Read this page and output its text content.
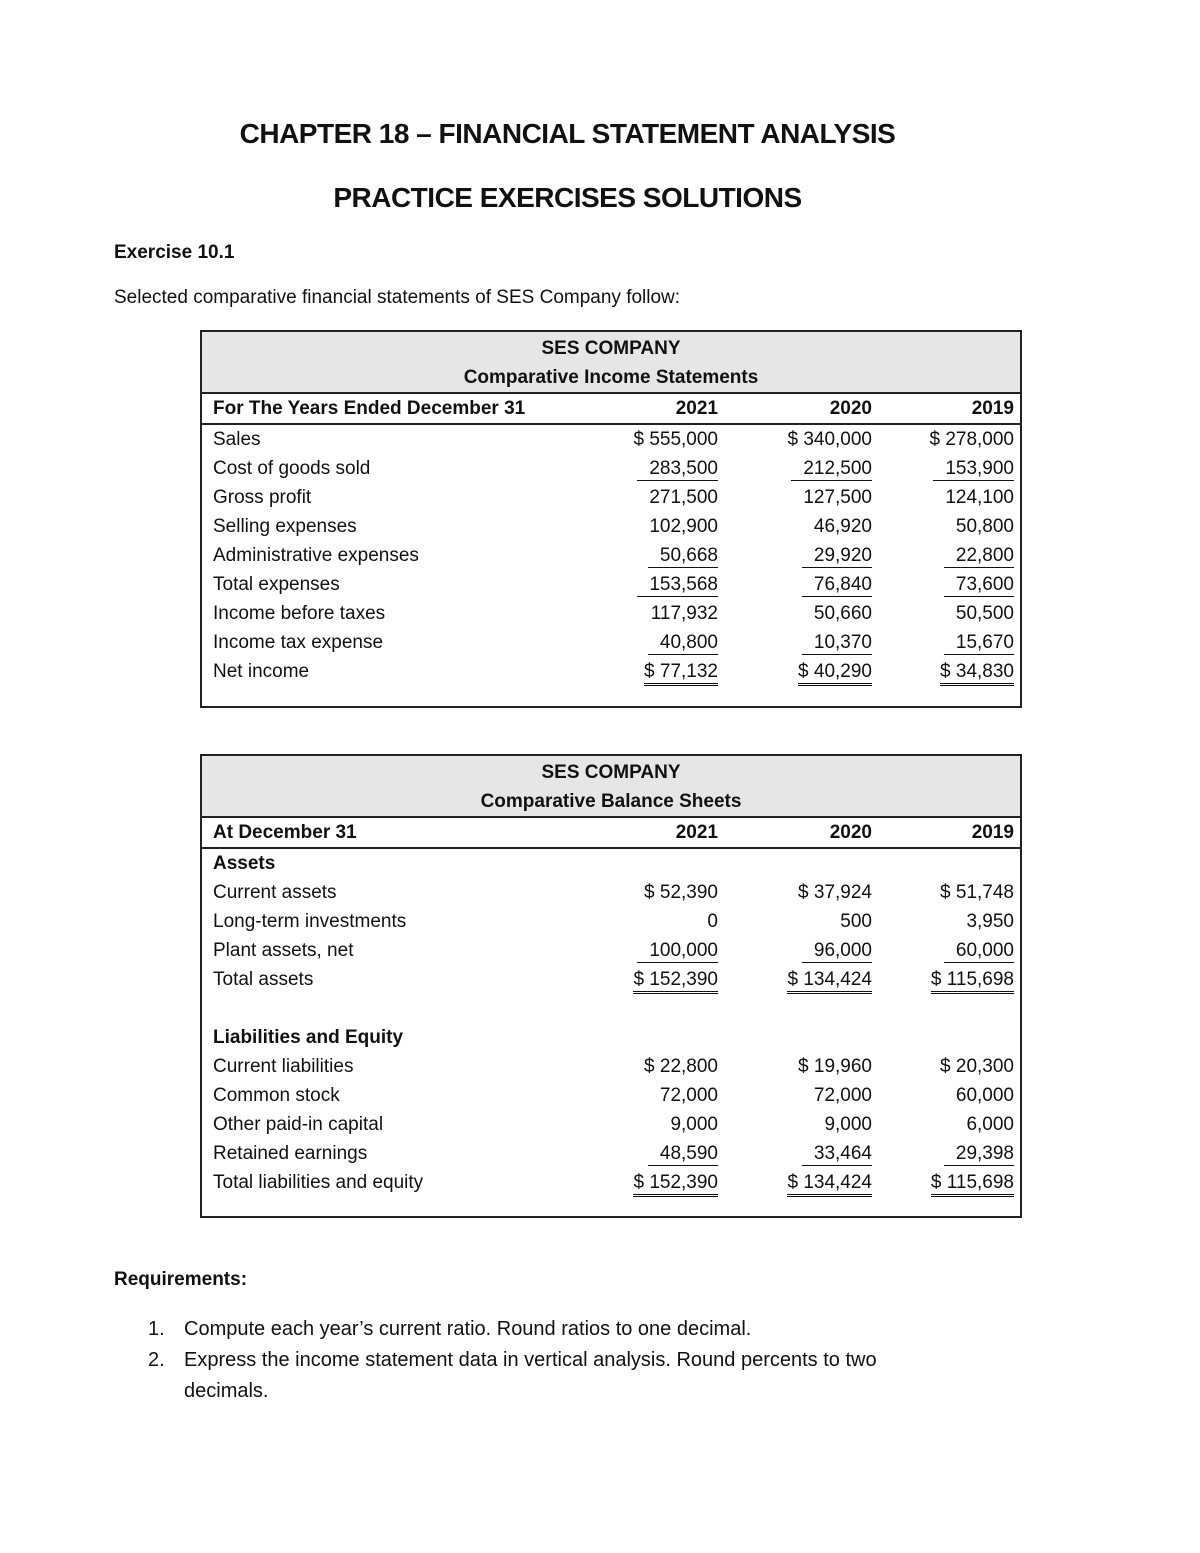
CHAPTER 18 – FINANCIAL STATEMENT ANALYSIS
PRACTICE EXERCISES SOLUTIONS
Exercise 10.1
Selected comparative financial statements of SES Company follow:
SES COMPANY
Comparative Income Statements
For The Years Ended December 31	2021	2020	2019
Sales	$ 555,000	$ 340,000	$ 278,000
Cost of goods sold	283,500	212,500	153,900
Gross profit	271,500	127,500	124,100
Selling expenses	102,900	46,920	50,800
Administrative expenses	50,668	29,920	22,800
Total expenses	153,568	76,840	73,600
Income before taxes	117,932	50,660	50,500
Income tax expense	40,800	10,370	15,670
Net income	$ 77,132	$ 40,290	$ 34,830
SES COMPANY
Comparative Balance Sheets
At December 31	2021	2020	2019
Assets
Current assets	$ 52,390	$ 37,924	$ 51,748
Long-term investments	0	500	3,950
Plant assets, net	100,000	96,000	60,000
Total assets	$ 152,390	$ 134,424	$ 115,698
Liabilities and Equity
Current liabilities	$ 22,800	$ 19,960	$ 20,300
Common stock	72,000	72,000	60,000
Other paid-in capital	9,000	9,000	6,000
Retained earnings	48,590	33,464	29,398
Total liabilities and equity	$ 152,390	$ 134,424	$ 115,698
Requirements:
1. Compute each year’s current ratio. Round ratios to one decimal.
2. Express the income statement data in vertical analysis. Round percents to two decimals.
